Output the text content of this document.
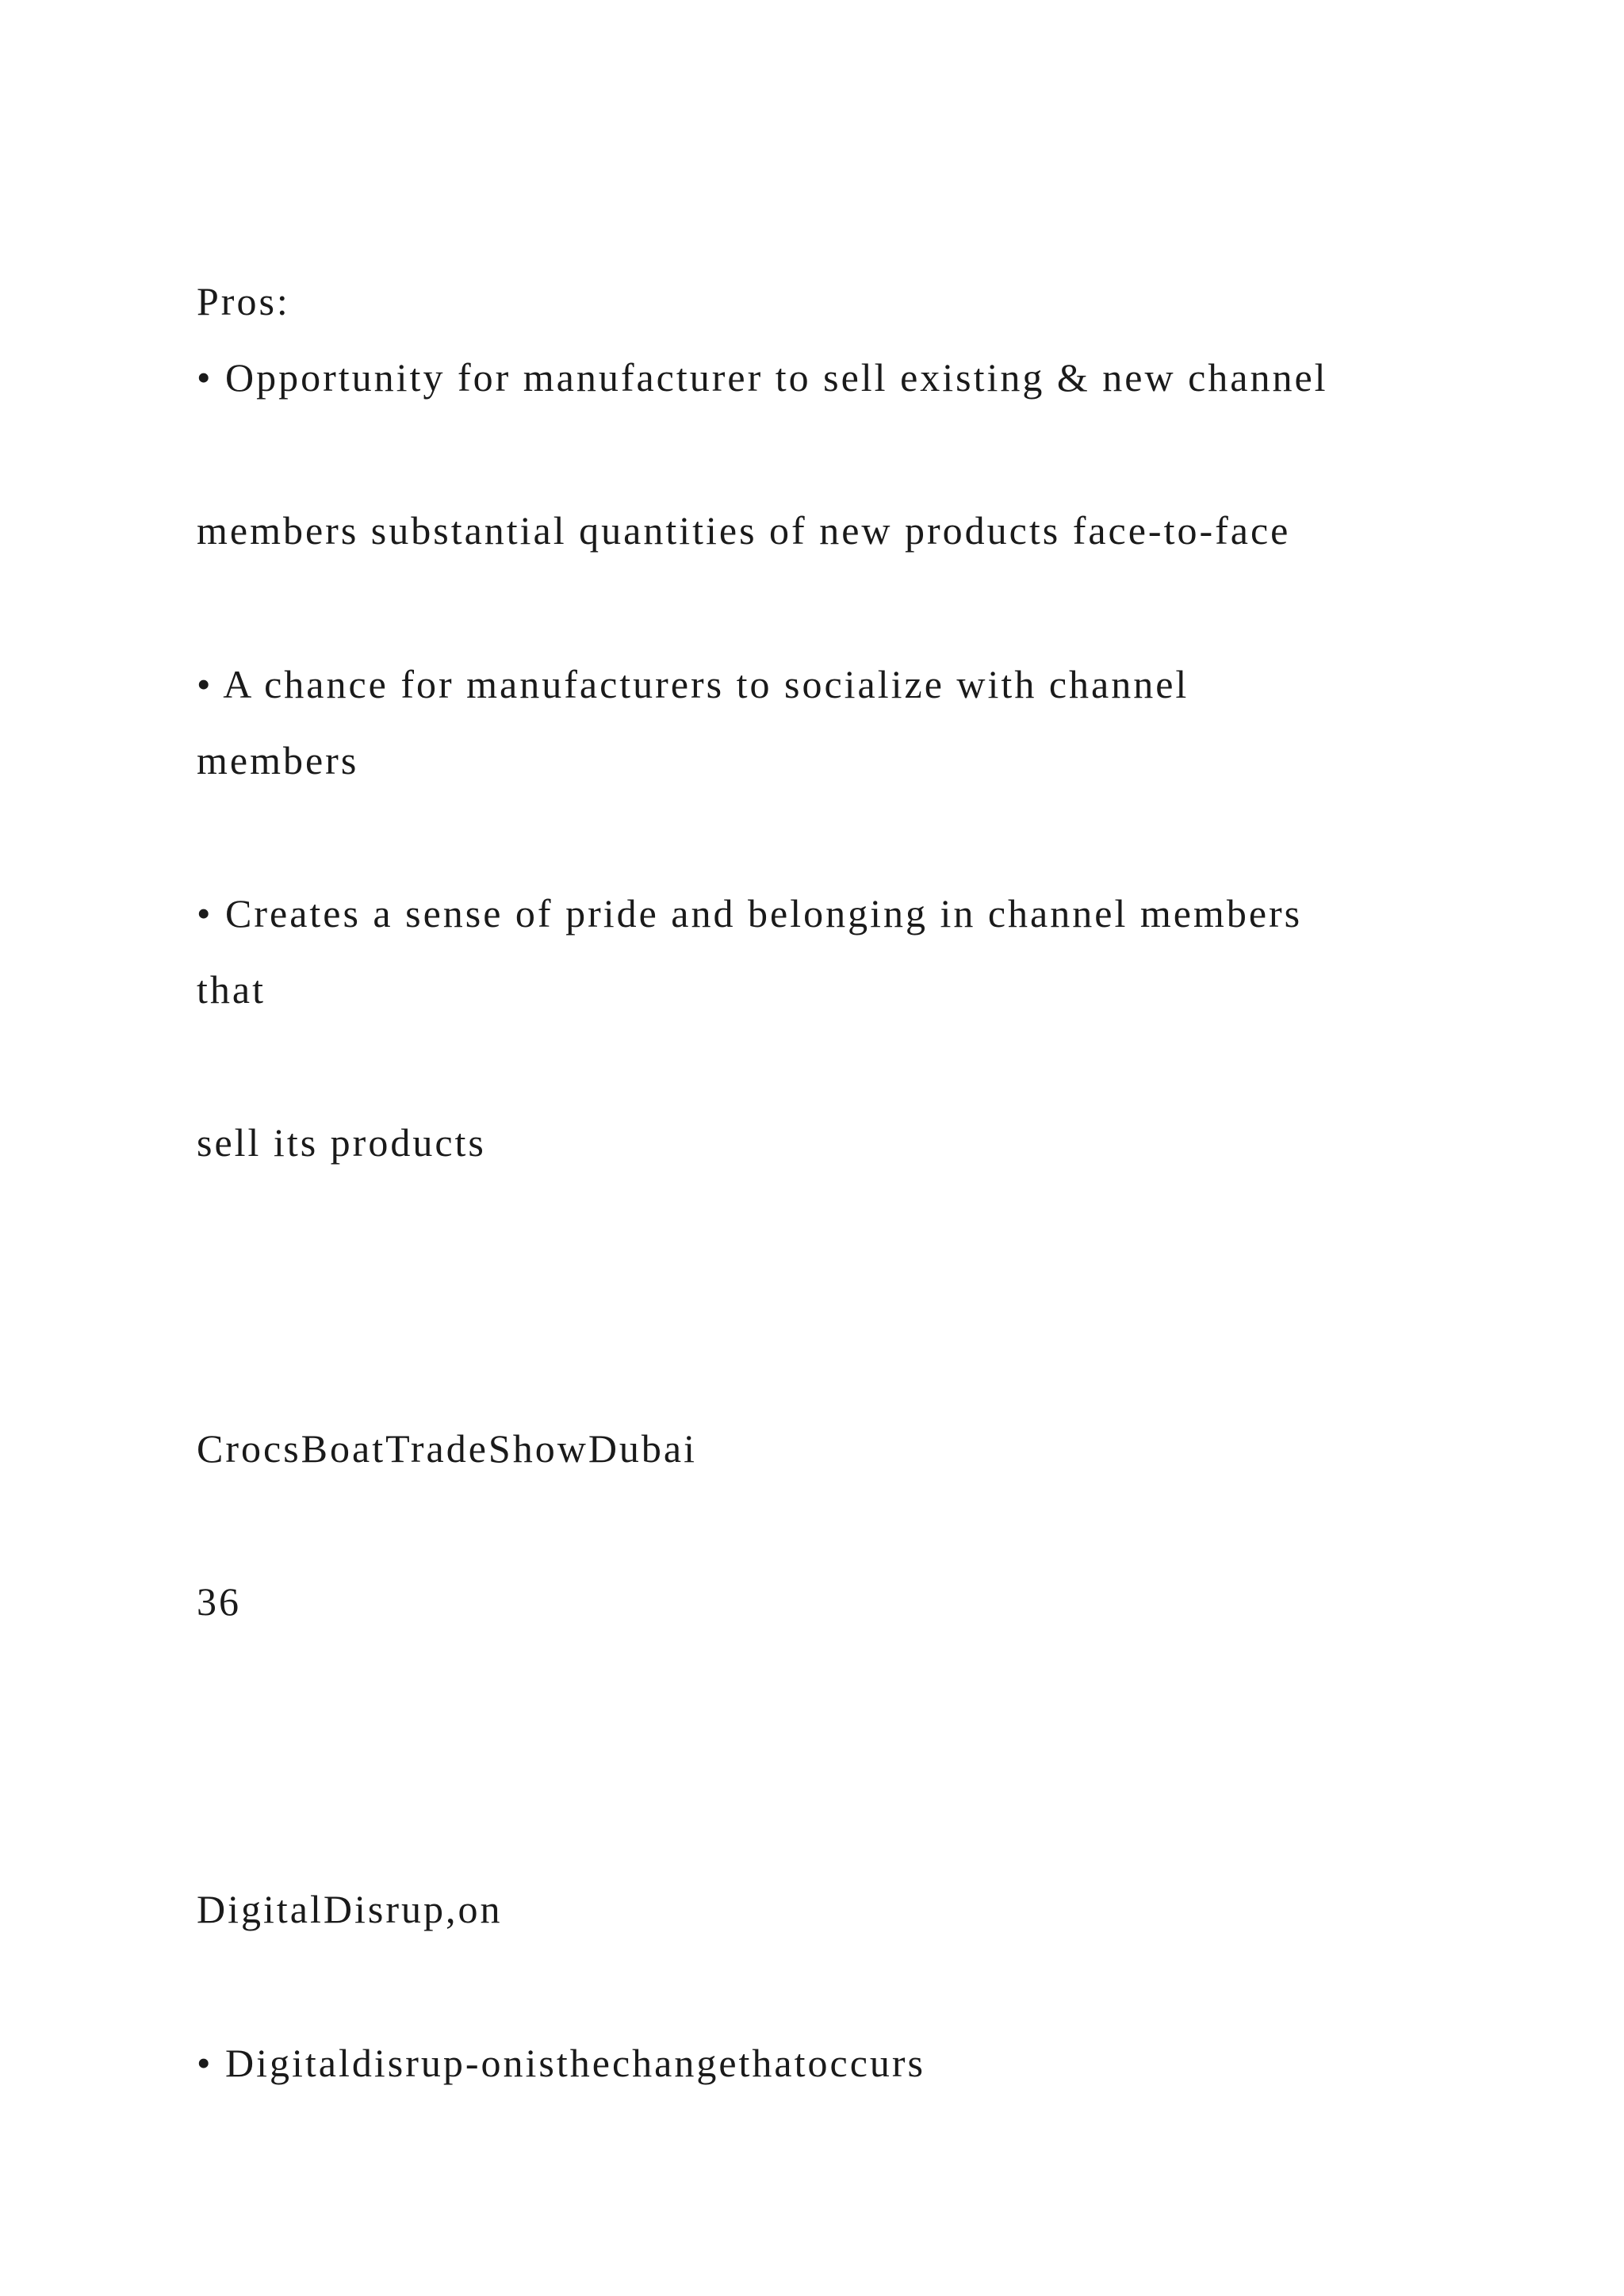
Pros:
• Opportunity for manufacturer to sell existing & new channel
members substantial quantities of new products face-to-face
• A chance for manufacturers to socialize with channel
members
• Creates a sense of pride and belonging in channel members
that
sell its products
CrocsBoatTradeShowDubai
36
DigitalDisrup,on
• Digitaldisrup-onisthechangethatoccurs
